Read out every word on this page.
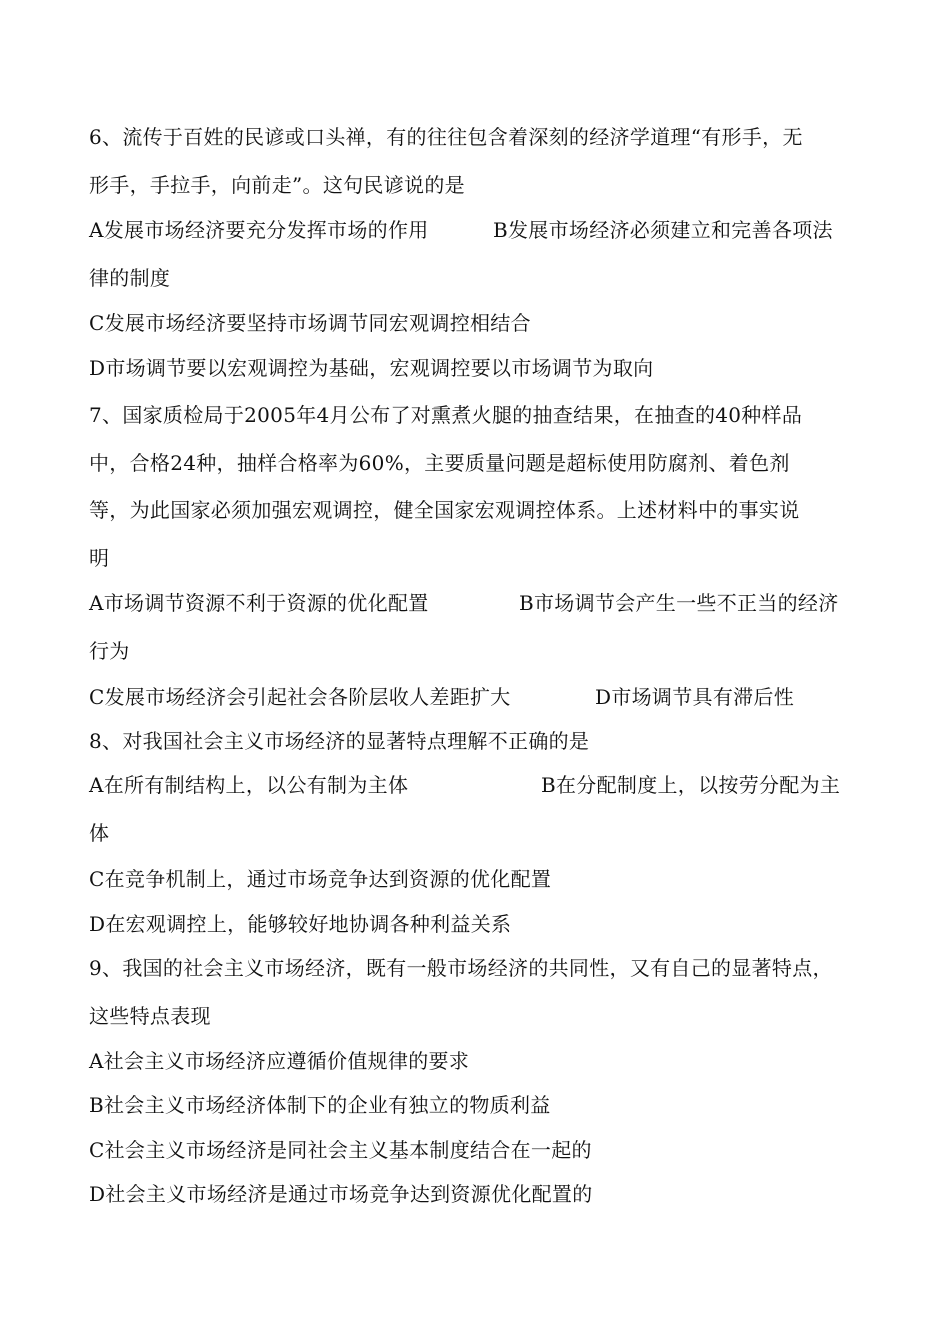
6、流传于百姓的民谚或口头禅，有的往往包含着深刻的经济学道理“有形手，无
形手，手拉手，向前走”。这句民谚说的是
A发展市场经济要充分发挥市场的作用	B发展市场经济必须建立和完善各项法
律的制度
C发展市场经济要坚持市场调节同宏观调控相结合
D市场调节要以宏观调控为基础，宏观调控要以市场调节为取向
7、国家质检局于2005年4月公布了对熏煮火腿的抽查结果，在抽查的40种样品
中，合格24种，抽样合格率为60%，主要质量问题是超标使用防腐剂、着色剂
等，为此国家必须加强宏观调控，健全国家宏观调控体系。上述材料中的事实说
明
A市场调节资源不利于资源的优化配置	B市场调节会产生一些不正当的经济
行为
C发展市场经济会引起社会各阶层收人差距扩大	D市场调节具有滞后性
8、对我国社会主义市场经济的显著特点理解不正确的是
A在所有制结构上，以公有制为主体	B在分配制度上，以按劳分配为主
体
C在竞争机制上，通过市场竞争达到资源的优化配置
D在宏观调控上，能够较好地协调各种利益关系
9、我国的社会主义市场经济，既有一般市场经济的共同性，又有自己的显著特点，
这些特点表现
A社会主义市场经济应遵循价值规律的要求
B社会主义市场经济体制下的企业有独立的物质利益
C社会主义市场经济是同社会主义基本制度结合在一起的
D社会主义市场经济是通过市场竞争达到资源优化配置的
